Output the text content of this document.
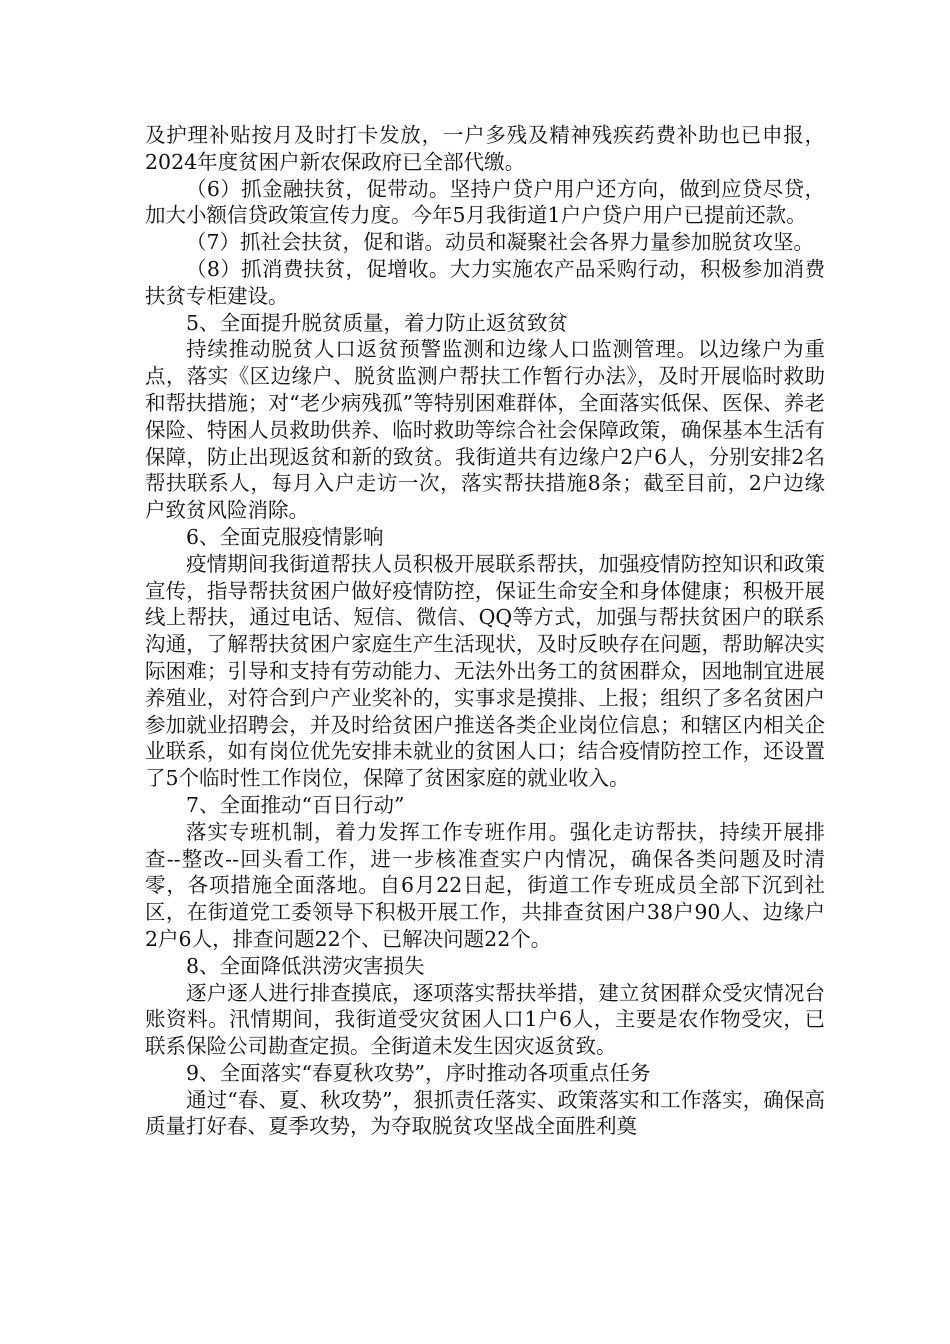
及护理补贴按月及时打卡发放，一户多残及精神残疾药费补助也已申报，2024年度贫困户新农保政府已全部代缴。

（6）抓金融扶贫，促带动。坚持户贷户用户还方向，做到应贷尽贷，加大小额信贷政策宣传力度。今年5月我街道1户户贷户用户已提前还款。

（7）抓社会扶贫，促和谐。动员和凝聚社会各界力量参加脱贫攻坚。

（8）抓消费扶贫，促增收。大力实施农产品采购行动，积极参加消费扶贫专柜建设。

5、全面提升脱贫质量，着力防止返贫致贫

持续推动脱贫人口返贫预警监测和边缘人口监测管理。以边缘户为重点，落实《区边缘户、脱贫监测户帮扶工作暂行办法》，及时开展临时救助和帮扶措施；对“老少病残孤”等特别困难群体，全面落实低保、医保、养老保险、特困人员救助供养、临时救助等综合社会保障政策，确保基本生活有保障，防止出现返贫和新的致贫。我街道共有边缘户2户6人，分别安排2名帮扶联系人，每月入户走访一次，落实帮扶措施8条；截至目前，2户边缘户致贫风险消除。

6、全面克服疫情影响

疫情期间我街道帮扶人员积极开展联系帮扶，加强疫情防控知识和政策宣传，指导帮扶贫困户做好疫情防控，保证生命安全和身体健康；积极开展线上帮扶，通过电话、短信、微信、QQ等方式，加强与帮扶贫困户的联系沟通，了解帮扶贫困户家庭生产生活现状，及时反映存在问题，帮助解决实际困难；引导和支持有劳动能力、无法外出务工的贫困群众，因地制宜进展养殖业，对符合到户产业奖补的，实事求是摸排、上报；组织了多名贫困户参加就业招聘会，并及时给贫困户推送各类企业岗位信息；和辖区内相关企业联系，如有岗位优先安排未就业的贫困人口；结合疫情防控工作，还设置了5个临时性工作岗位，保障了贫困家庭的就业收入。

7、全面推动“百日行动”

落实专班机制，着力发挥工作专班作用。强化走访帮扶，持续开展排查--整改--回头看工作，进一步核准查实户内情况，确保各类问题及时清零，各项措施全面落地。自6月22日起，街道工作专班成员全部下沉到社区，在街道党工委领导下积极开展工作，共排查贫困户38户90人、边缘户2户6人，排查问题22个、已解决问题22个。

8、全面降低洪涝灾害损失

逐户逐人进行排查摸底，逐项落实帮扶举措，建立贫困群众受灾情况台账资料。汛情期间，我街道受灾贫困人口1户6人，主要是农作物受灾，已联系保险公司勘查定损。全街道未发生因灾返贫致。

9、全面落实“春夏秋攻势”，序时推动各项重点任务

通过“春、夏、秋攻势”，狠抓责任落实、政策落实和工作落实，确保高质量打好春、夏季攻势，为夺取脱贫攻坚战全面胜利奠
